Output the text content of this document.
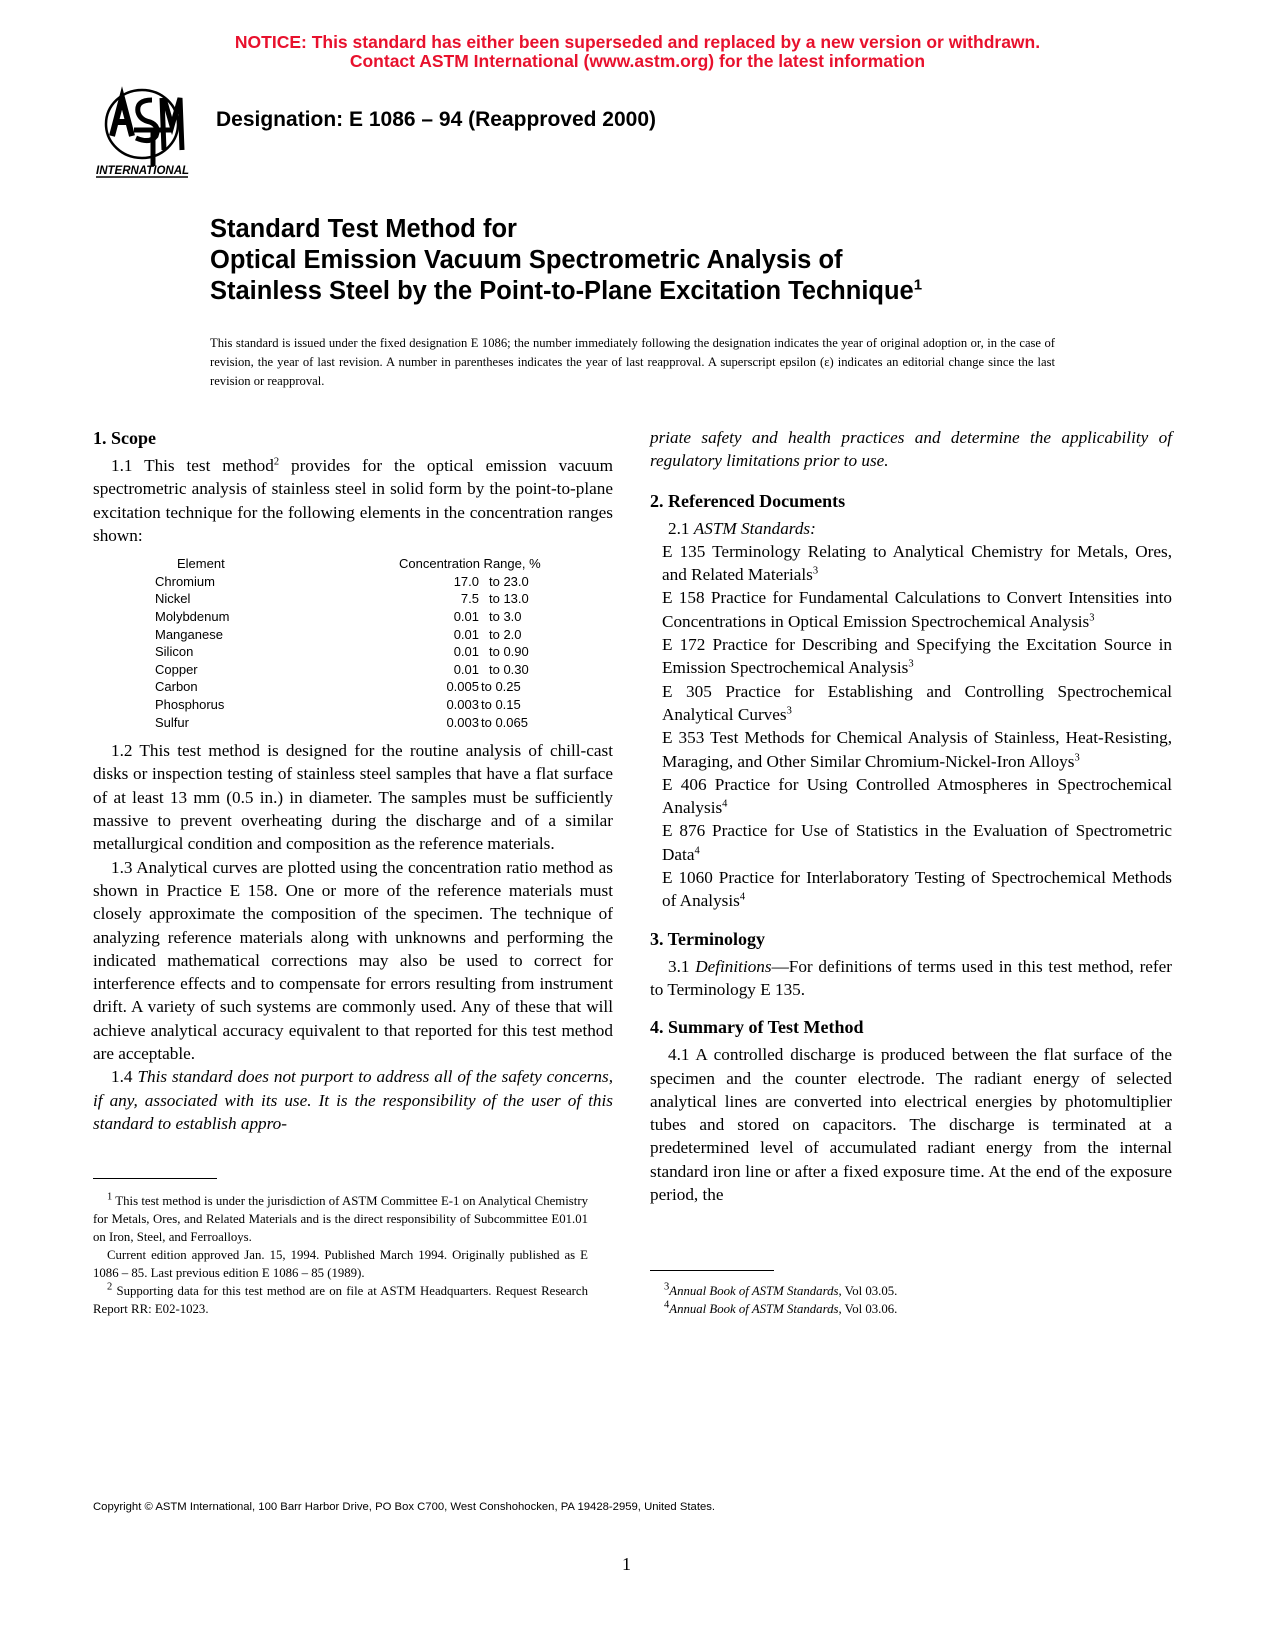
NOTICE: This standard has either been superseded and replaced by a new version or withdrawn.
Contact ASTM International (www.astm.org) for the latest information
INTERNATIONAL
Designation: E 1086 – 94 (Reapproved 2000)
Standard Test Method for
Optical Emission Vacuum Spectrometric Analysis of
Stainless Steel by the Point-to-Plane Excitation Technique$^1$
This standard is issued under the fixed designation E 1086; the number immediately following the designation indicates the year of original adoption or, in the case of revision, the year of last revision. A number in parentheses indicates the year of last reapproval. A superscript epsilon (ε) indicates an editorial change since the last revision or reapproval.
1. Scope

1.1 This test method$^2$ provides for the optical emission vacuum spectrometric analysis of stainless steel in solid form by the point-to-plane excitation technique for the following elements in the concentration ranges shown:

Element	Concentration Range, %	
Chromium	17.0	to 23.0
Nickel	7.5	to 13.0
Molybdenum	0.01	to 3.0
Manganese	0.01	to 2.0
Silicon	0.01	to 0.90
Copper	0.01	to 0.30
Carbon	0.005	to 0.25
Phosphorus	0.003	to 0.15
Sulfur	0.003	to 0.065

1.2 This test method is designed for the routine analysis of chill-cast disks or inspection testing of stainless steel samples that have a flat surface of at least 13 mm (0.5 in.) in diameter. The samples must be sufficiently massive to prevent overheating during the discharge and of a similar metallurgical condition and composition as the reference materials.

1.3 Analytical curves are plotted using the concentration ratio method as shown in Practice E 158. One or more of the reference materials must closely approximate the composition of the specimen. The technique of analyzing reference materials along with unknowns and performing the indicated mathematical corrections may also be used to correct for interference effects and to compensate for errors resulting from instrument drift. A variety of such systems are commonly used. Any of these that will achieve analytical accuracy equivalent to that reported for this test method are acceptable.

1.4 This standard does not purport to address all of the safety concerns, if any, associated with its use. It is the responsibility of the user of this standard to establish appro-

$^1$ This test method is under the jurisdiction of ASTM Committee E-1 on Analytical Chemistry for Metals, Ores, and Related Materials and is the direct responsibility of Subcommittee E01.01 on Iron, Steel, and Ferroalloys.

Current edition approved Jan. 15, 1994. Published March 1994. Originally published as E 1086 – 85. Last previous edition E 1086 – 85 (1989).

$^2$ Supporting data for this test method are on file at ASTM Headquarters. Request Research Report RR: E02-1023.

priate safety and health practices and determine the applicability of regulatory limitations prior to use.

2. Referenced Documents

2.1 ASTM Standards:

E 135 Terminology Relating to Analytical Chemistry for Metals, Ores, and Related Materials$^3$

E 158 Practice for Fundamental Calculations to Convert Intensities into Concentrations in Optical Emission Spectrochemical Analysis$^3$

E 172 Practice for Describing and Specifying the Excitation Source in Emission Spectrochemical Analysis$^3$

E 305 Practice for Establishing and Controlling Spectrochemical Analytical Curves$^3$

E 353 Test Methods for Chemical Analysis of Stainless, Heat-Resisting, Maraging, and Other Similar Chromium-Nickel-Iron Alloys$^3$

E 406 Practice for Using Controlled Atmospheres in Spectrochemical Analysis$^4$

E 876 Practice for Use of Statistics in the Evaluation of Spectrometric Data$^4$

E 1060 Practice for Interlaboratory Testing of Spectrochemical Methods of Analysis$^4$

3. Terminology

3.1 Definitions—For definitions of terms used in this test method, refer to Terminology E 135.

4. Summary of Test Method

4.1 A controlled discharge is produced between the flat surface of the specimen and the counter electrode. The radiant energy of selected analytical lines are converted into electrical energies by photomultiplier tubes and stored on capacitors. The discharge is terminated at a predetermined level of accumulated radiant energy from the internal standard iron line or after a fixed exposure time. At the end of the exposure period, the

$^3$Annual Book of ASTM Standards, Vol 03.05.

$^4$Annual Book of ASTM Standards, Vol 03.06.

Copyright © ASTM International, 100 Barr Harbor Drive, PO Box C700, West Conshohocken, PA 19428-2959, United States.
1
